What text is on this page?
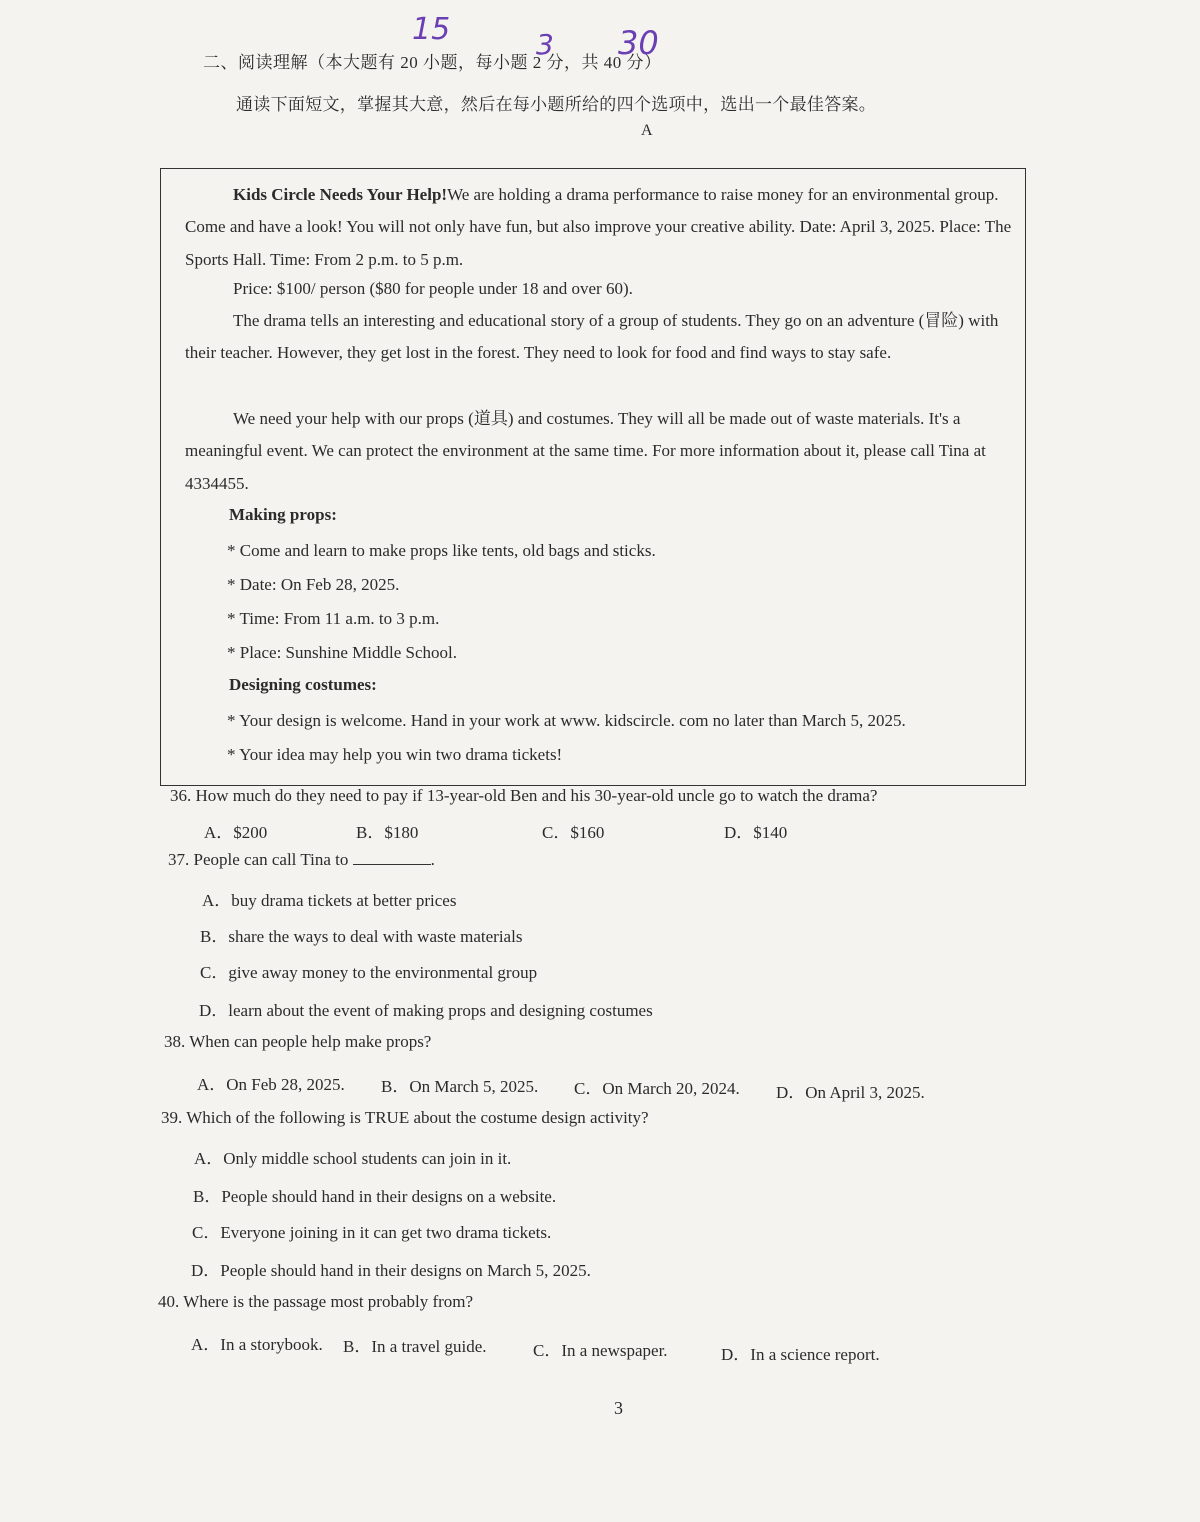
二、阅读理解（本大题有 20 小题，每小题 2 分，共 40 分）
15	3 30
通读下面短文，掌握其大意，然后在每小题所给的四个选项中，选出一个最佳答案。
A

Kids Circle Needs Your Help!We are holding a drama performance to raise money for an environmental group. Come and have a look! You will not only have fun, but also improve your creative ability. Date: April 3, 2025. Place: The Sports Hall. Time: From 2 p.m. to 5 p.m.

Price: $100/ person ($80 for people under 18 and over 60).

The drama tells an interesting and educational story of a group of students. They go on an adventure (冒险) with their teacher. However, they get lost in the forest. They need to look for food and find ways to stay safe.

We need your help with our props (道具) and costumes. They will all be made out of waste materials. It's a meaningful event. We can protect the environment at the same time. For more information about it, please call Tina at 4334455.

Making props:
* Come and learn to make props like tents, old bags and sticks.
* Date: On Feb 28, 2025.
* Time: From 11 a.m. to 3 p.m.
* Place: Sunshine Middle School.
Designing costumes:
* Your design is welcome. Hand in your work at www. kidscircle. com no later than March 5, 2025.
* Your idea may help you win two drama tickets!
36. How much do they need to pay if 13-year-old Ben and his 30-year-old uncle go to watch the drama?
A．$200	B．$180	C．$160	D．$140
37. People can call Tina to	.
A．buy drama tickets at better prices
B．share the ways to deal with waste materials
C．give away money to the environmental group
D．learn about the event of making props and designing costumes
38. When can people help make props?
A．On Feb 28, 2025. B．On March 5, 2025. C．On March 20, 2024. D．On April 3, 2025.
39. Which of the following is TRUE about the costume design activity?
A．Only middle school students can join in it.
B．People should hand in their designs on a website.
C．Everyone joining in it can get two drama tickets.
D．People should hand in their designs on March 5, 2025.
40. Where is the passage most probably from?
A．In a storybook. B．In a travel guide.	C．In a newspaper.	D．In a science report.
3
